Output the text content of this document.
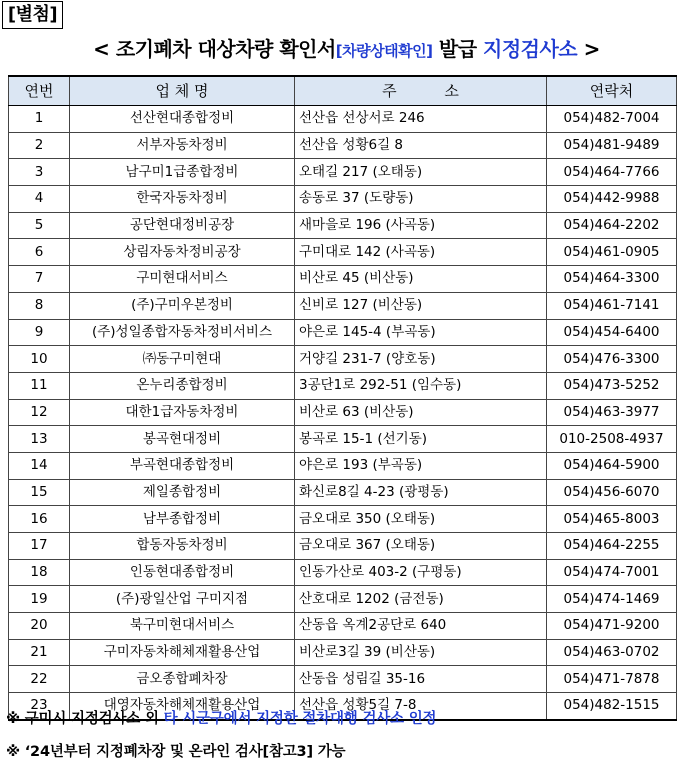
[별첨]
< 조기폐차 대상차량 확인서[차량상태확인] 발급 지정검사소 >
연번	업 체 명	주          소	연락처
1	선산현대종합정비	선산읍 선상서로 246	054)482-7004
2	서부자동차정비	선산읍 성황6길 8	054)481-9489
3	남구미1급종합정비	오태길 217 (오태동)	054)464-7766
4	한국자동차정비	송동로 37 (도량동)	054)442-9988
5	공단현대정비공장	새마을로 196 (사곡동)	054)464-2202
6	상림자동차정비공장	구미대로 142 (사곡동)	054)461-0905
7	구미현대서비스	비산로 45 (비산동)	054)464-3300
8	(주)구미우본정비	신비로 127 (비산동)	054)461-7141
9	(주)성일종합자동차정비서비스	야은로 145-4 (부곡동)	054)454-6400
10	㈜동구미현대	거양길 231-7 (양호동)	054)476-3300
11	온누리종합정비	3공단1로 292-51 (임수동)	054)473-5252
12	대한1급자동차정비	비산로 63 (비산동)	054)463-3977
13	봉곡현대정비	봉곡로 15-1 (선기동)	010-2508-4937
14	부곡현대종합정비	야은로 193 (부곡동)	054)464-5900
15	제일종합정비	화신로8길 4-23 (광평동)	054)456-6070
16	남부종합정비	금오대로 350 (오태동)	054)465-8003
17	합동자동차정비	금오대로 367 (오태동)	054)464-2255
18	인동현대종합정비	인동가산로 403-2 (구평동)	054)474-7001
19	(주)광일산업 구미지점	산호대로 1202 (금전동)	054)474-1469
20	북구미현대서비스	산동읍 옥계2공단로 640	054)471-9200
21	구미자동차해체재활용산업	비산로3길 39 (비산동)	054)463-0702
22	금오종합폐차장	산동읍 성림길 35-16	054)471-7878
23	대영자동차해체재활용산업	선산읍 성황5길 7-8	054)482-1515
※ 구미시 지정검사소 외 타 시군구에서 지정한 절차대행 검사소 인정
※ ‘24년부터 지정폐차장 및 온라인 검사[참고3] 가능
